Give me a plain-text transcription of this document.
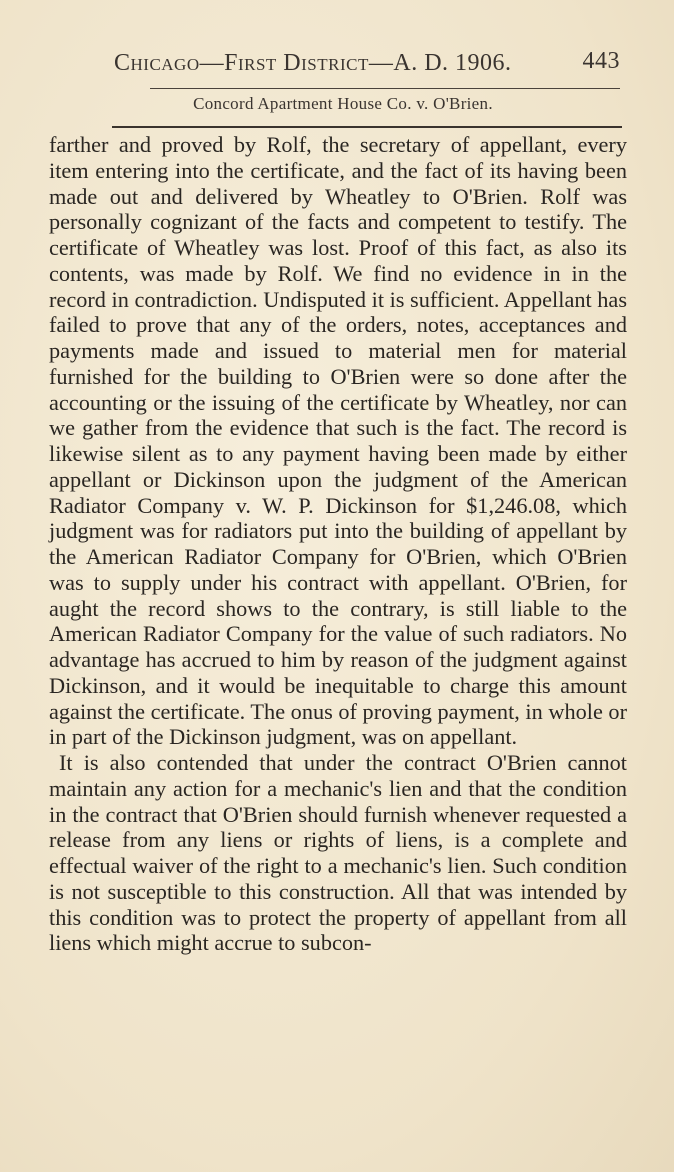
Chicago—First District—A. D. 1906.	443
Concord Apartment House Co. v. O'Brien.

farther and proved by Rolf, the secretary of appellant, every item entering into the certificate, and the fact of its having been made out and delivered by Wheatley to O'Brien. Rolf was personally cognizant of the facts and competent to testify. The certificate of Wheatley was lost. Proof of this fact, as also its contents, was made by Rolf. We find no evidence in in the record in contradiction. Undisputed it is sufficient. Appellant has failed to prove that any of the orders, notes, acceptances and payments made and issued to material men for material furnished for the building to O'Brien were so done after the accounting or the issuing of the certificate by Wheatley, nor can we gather from the evidence that such is the fact. The record is likewise silent as to any payment having been made by either appellant or Dickinson upon the judgment of the American Radiator Company v. W. P. Dickinson for $1,246.08, which judgment was for radiators put into the building of appellant by the American Radiator Company for O'Brien, which O'Brien was to supply under his contract with appellant. O'Brien, for aught the record shows to the contrary, is still liable to the American Radiator Company for the value of such radiators. No advantage has accrued to him by reason of the judgment against Dickinson, and it would be inequitable to charge this amount against the certificate. The onus of proving payment, in whole or in part of the Dickinson judgment, was on appellant.

It is also contended that under the contract O'Brien cannot maintain any action for a mechanic's lien and that the condition in the contract that O'Brien should furnish whenever requested a release from any liens or rights of liens, is a complete and effectual waiver of the right to a mechanic's lien. Such condition is not susceptible to this construction. All that was intended by this condition was to protect the property of appellant from all liens which might accrue to subcon-
